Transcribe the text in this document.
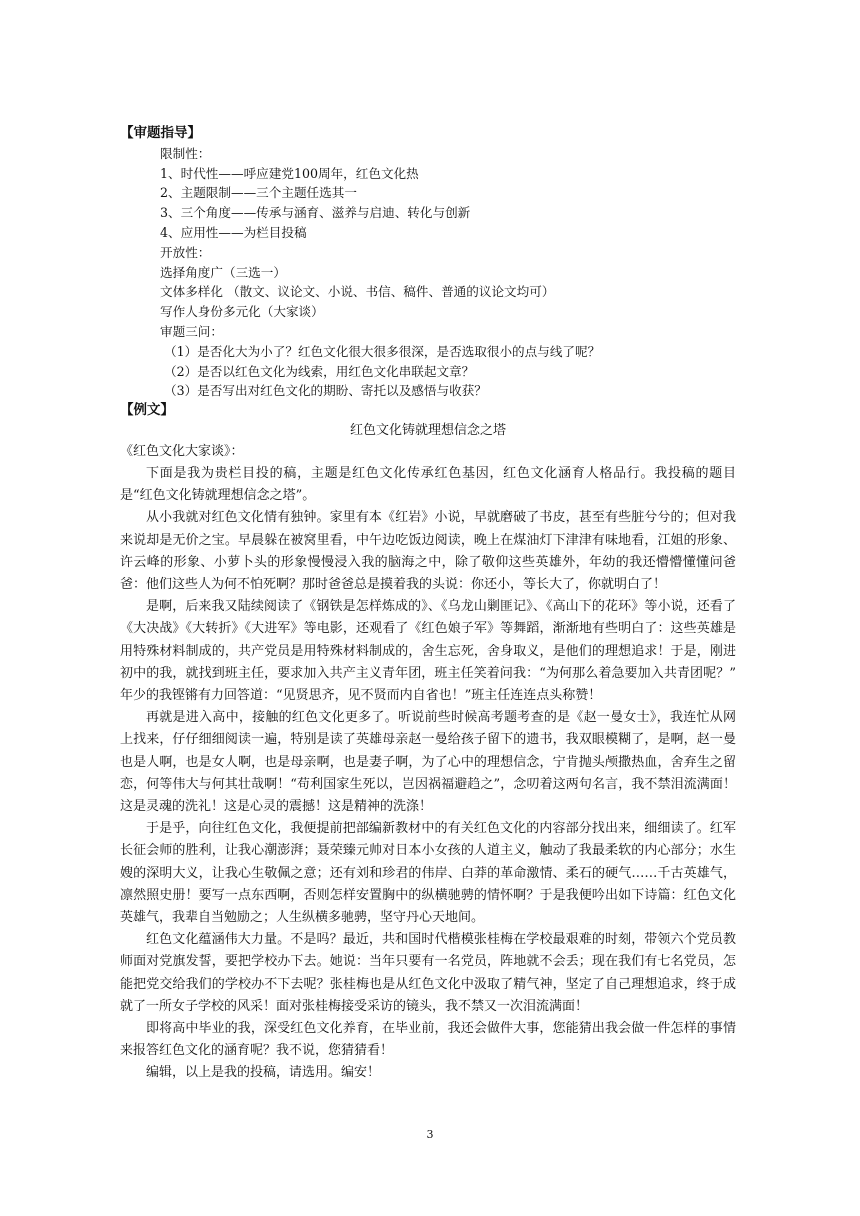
【审题指导】
限制性：
1、时代性——呼应建党100周年，红色文化热
2、主题限制——三个主题任选其一
3、三个角度——传承与涵育、滋养与启迪、转化与创新
4、应用性——为栏目投稿
开放性：
选择角度广（三选一）
文体多样化 （散文、议论文、小说、书信、稿件、普通的议论文均可）
写作人身份多元化（大家谈）
审题三问：
（1）是否化大为小了？红色文化很大很多很深，是否选取很小的点与线了呢？
（2）是否以红色文化为线索，用红色文化串联起文章？
（3）是否写出对红色文化的期盼、寄托以及感悟与收获？
【例文】
红色文化铸就理想信念之塔
《红色文化大家谈》：
下面是我为贵栏目投的稿，主题是红色文化传承红色基因，红色文化涵育人格品行。我投稿的题目是“红色文化铸就理想信念之塔”。
从小我就对红色文化情有独钟。家里有本《红岩》小说，早就磨破了书皮，甚至有些脏兮兮的；但对我来说却是无价之宝。早晨躲在被窝里看，中午边吃饭边阅读，晚上在煤油灯下津津有味地看，江姐的形象、许云峰的形象、小萝卜头的形象慢慢浸入我的脑海之中，除了敬仰这些英雄外，年幼的我还懵懵懂懂问爸爸：他们这些人为何不怕死啊？那时爸爸总是摸着我的头说：你还小，等长大了，你就明白了！
是啊，后来我又陆续阅读了《钢铁是怎样炼成的》、《乌龙山剿匪记》、《高山下的花环》等小说，还看了《大决战》《大转折》《大进军》等电影，还观看了《红色娘子军》等舞蹈，渐渐地有些明白了：这些英雄是用特殊材料制成的，共产党员是用特殊材料制成的，舍生忘死，舍身取义，是他们的理想追求！于是，刚进初中的我，就找到班主任，要求加入共产主义青年团，班主任笑着问我：“为何那么着急要加入共青团呢？” 年少的我铿锵有力回答道：“见贤思齐，见不贤而内自省也！”班主任连连点头称赞！
再就是进入高中，接触的红色文化更多了。听说前些时候高考题考查的是《赵一曼女士》，我连忙从网上找来，仔仔细细阅读一遍，特别是读了英雄母亲赵一曼给孩子留下的遗书，我双眼模糊了，是啊，赵一曼也是人啊，也是女人啊，也是母亲啊，也是妻子啊，为了心中的理想信念，宁肯抛头颅撒热血，舍弃生之留恋，何等伟大与何其壮哉啊！“苟利国家生死以，岂因祸福避趋之”，念叨着这两句名言，我不禁泪流满面！这是灵魂的洗礼！这是心灵的震撼！这是精神的洗涤！
于是乎，向往红色文化，我便提前把部编新教材中的有关红色文化的内容部分找出来，细细读了。红军长征会师的胜利，让我心潮澎湃；聂荣臻元帅对日本小女孩的人道主义，触动了我最柔软的内心部分；水生嫂的深明大义，让我心生敬佩之意；还有刘和珍君的伟岸、白莽的革命激情、柔石的硬气……千古英雄气，凛然照史册！要写一点东西啊，否则怎样安置胸中的纵横驰骋的情怀啊？于是我便吟出如下诗篇：红色文化英雄气，我辈自当勉励之；人生纵横多驰骋，坚守丹心天地间。
红色文化蕴涵伟大力量。不是吗？最近，共和国时代楷模张桂梅在学校最艰难的时刻，带领六个党员教师面对党旗发誓，要把学校办下去。她说：当年只要有一名党员，阵地就不会丢；现在我们有七名党员，怎能把党交给我们的学校办不下去呢？张桂梅也是从红色文化中汲取了精气神，坚定了自己理想追求，终于成就了一所女子学校的风采！面对张桂梅接受采访的镜头，我不禁又一次泪流满面！
即将高中毕业的我，深受红色文化养育，在毕业前，我还会做件大事，您能猜出我会做一件怎样的事情来报答红色文化的涵育呢？我不说，您猜猜看！
编辑，以上是我的投稿，请选用。编安！
3
